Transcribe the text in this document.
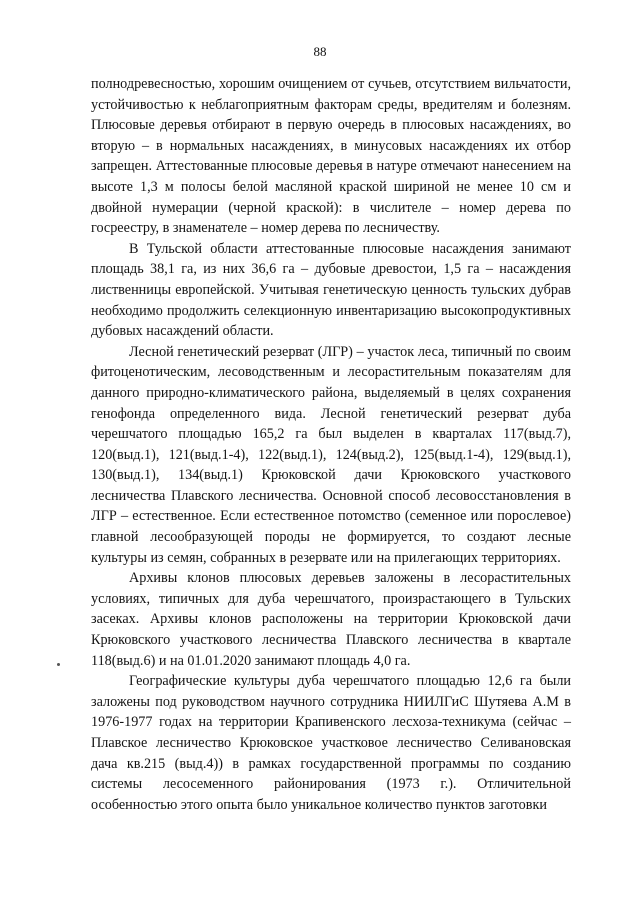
88

полнодревесностью, хорошим очищением от сучьев, отсутствием вильчатости, устойчивостью к неблагоприятным факторам среды, вредителям и болезням. Плюсовые деревья отбирают в первую очередь в плюсовых насаждениях, во вторую – в нормальных насаждениях, в минусовых насаждениях их отбор запрещен. Аттестованные плюсовые деревья в натуре отмечают нанесением на высоте 1,3 м полосы белой масляной краской шириной не менее 10 см и двойной нумерации (черной краской): в числителе – номер дерева по госреестру, в знаменателе – номер дерева по лесничеству.

В Тульской области аттестованные плюсовые насаждения занимают площадь 38,1 га, из них 36,6 га – дубовые древостои, 1,5 га – насаждения лиственницы европейской. Учитывая генетическую ценность тульских дубрав необходимо продолжить селекционную инвентаризацию высокопродуктивных дубовых насаждений области.

Лесной генетический резерват (ЛГР) – участок леса, типичный по своим фитоценотическим, лесоводственным и лесорастительным показателям для данного природно-климатического района, выделяемый в целях сохранения генофонда определенного вида. Лесной генетический резерват дуба черешчатого площадью 165,2 га был выделен в кварталах 117(выд.7), 120(выд.1), 121(выд.1-4), 122(выд.1), 124(выд.2), 125(выд.1-4), 129(выд.1), 130(выд.1), 134(выд.1) Крюковской дачи Крюковского участкового лесничества Плавского лесничества. Основной способ лесовосстановления в ЛГР – естественное. Если естественное потомство (семенное или порослевое) главной лесообразующей породы не формируется, то создают лесные культуры из семян, собранных в резервате или на прилегающих территориях.

Архивы клонов плюсовых деревьев заложены в лесорастительных условиях, типичных для дуба черешчатого, произрастающего в Тульских засеках. Архивы клонов расположены на территории Крюковской дачи Крюковского участкового лесничества Плавского лесничества в квартале 118(выд.6) и на 01.01.2020 занимают площадь 4,0 га.

Географические культуры дуба черешчатого площадью 12,6 га были заложены под руководством научного сотрудника НИИЛГиС Шутяева А.М в 1976-1977 годах на территории Крапивенского лесхоза-техникума (сейчас – Плавское лесничество Крюковское участковое лесничество Селивановская дача кв.215 (выд.4)) в рамках государственной программы по созданию системы лесосеменного районирования (1973 г.). Отличительной особенностью этого опыта было уникальное количество пунктов заготовки
